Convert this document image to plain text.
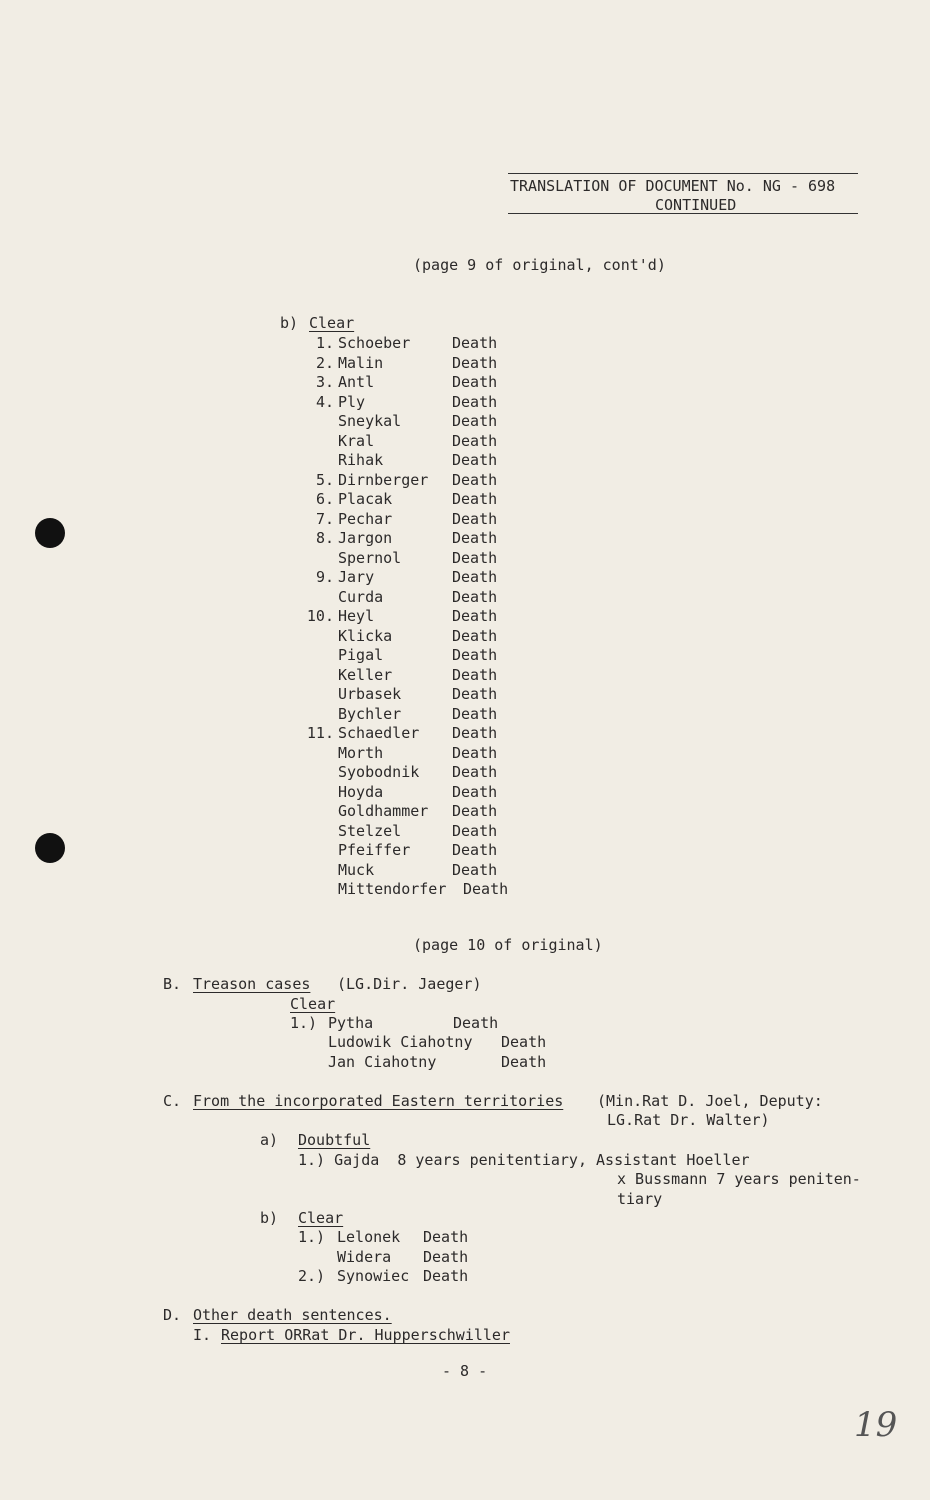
TRANSLATION OF DOCUMENT No. NG - 698
CONTINUED
(page 9 of original, cont'd)
b) Clear
1. Schoeber	Death
2. Malin	Death
3. Antl	Death
4. Ply	Death
Sneykal	Death
Kral	Death
Rihak	Death
5. Dirnberger Death
6. Placak	Death
7. Pechar	Death
8. Jargon	Death
Spernol	Death
9. Jary	Death
Curda	Death
10. Heyl	Death
Klicka	Death
Pigal	Death
Keller	Death
Urbasek	Death
Bychler	Death
11. Schaedler Death
Morth	Death
Syobodnik Death
Hoyda	Death
Goldhammer Death
Stelzel	Death
Pfeiffer	Death
Muck	Death
Mittendorfer Death
(page 10 of original)
B. Treason cases (LG.Dir. Jaeger)
Clear
1.) Pytha	Death
Ludowik Ciahotny Death
Jan Ciahotny	Death
C. From the incorporated Eastern territories (Min.Rat D. Joel, Deputy:
LG.Rat Dr. Walter)
a) Doubtful
1.) Gajda  8 years penitentiary, Assistant Hoeller
x Bussmann 7 years peniten-
tiary
b) Clear
1.) Lelonek Death
Widera Death
2.) Synowiec Death
D. Other death sentences.
I. Report ORRat Dr. Hupperschwiller
- 8 -
19
